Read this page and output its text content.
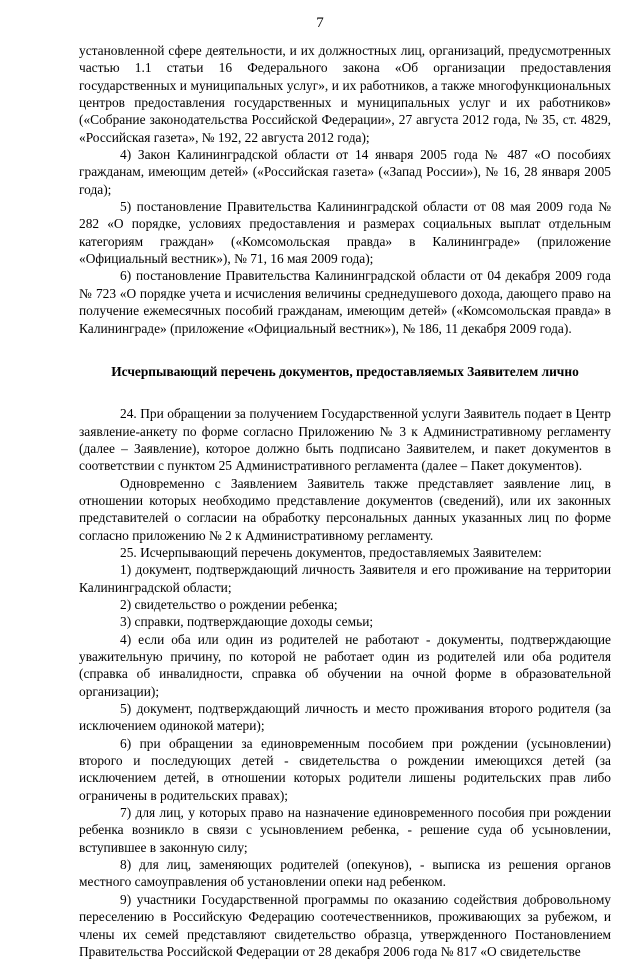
7

установленной сфере деятельности, и их должностных лиц, организаций, предусмотренных частью 1.1 статьи 16 Федерального закона «Об организации предоставления государственных и муниципальных услуг», и их работников, а также многофункциональных центров предоставления государственных и муниципальных услуг и их работников» («Собрание законодательства Российской Федерации», 27 августа 2012 года, № 35, ст. 4829, «Российская газета», № 192, 22 августа 2012 года);

4) Закон Калининградской области от 14 января 2005 года № 487 «О пособиях гражданам, имеющим детей» («Российская газета» («Запад России»), № 16, 28 января 2005 года);

5) постановление Правительства Калининградской области от 08 мая 2009 года № 282 «О порядке, условиях предоставления и размерах социальных выплат отдельным категориям граждан» («Комсомольская правда» в Калининграде» (приложение «Официальный вестник»), № 71, 16 мая 2009 года);

6) постановление Правительства Калининградской области от 04 декабря 2009 года № 723 «О порядке учета и исчисления величины среднедушевого дохода, дающего право на получение ежемесячных пособий гражданам, имеющим детей» («Комсомольская правда» в Калининграде» (приложение «Официальный вестник»), № 186, 11 декабря 2009 года).

Исчерпывающий перечень документов, предоставляемых Заявителем лично

24. При обращении за получением Государственной услуги Заявитель подает в Центр заявление-анкету по форме согласно Приложению № 3 к Административному регламенту (далее – Заявление), которое должно быть подписано Заявителем, и пакет документов в соответствии с пунктом 25 Административного регламента (далее – Пакет документов).

Одновременно с Заявлением Заявитель также представляет заявление лиц, в отношении которых необходимо представление документов (сведений), или их законных представителей о согласии на обработку персональных данных указанных лиц по форме согласно приложению № 2 к Административному регламенту.

25. Исчерпывающий перечень документов, предоставляемых Заявителем:

1) документ, подтверждающий личность Заявителя и его проживание на территории Калининградской области;

2) свидетельство о рождении ребенка;

3) справки, подтверждающие доходы семьи;

4) если оба или один из родителей не работают - документы, подтверждающие уважительную причину, по которой не работает один из родителей или оба родителя (справка об инвалидности, справка об обучении на очной форме в образовательной организации);

5) документ, подтверждающий личность и место проживания второго родителя (за исключением одинокой матери);

6) при обращении за единовременным пособием при рождении (усыновлении) второго и последующих детей - свидетельства о рождении имеющихся детей (за исключением детей, в отношении которых родители лишены родительских прав либо ограничены в родительских правах);

7) для лиц, у которых право на назначение единовременного пособия при рождении ребенка возникло в связи с усыновлением ребенка, - решение суда об усыновлении, вступившее в законную силу;

8) для лиц, заменяющих родителей (опекунов), - выписка из решения органов местного самоуправления об установлении опеки над ребенком.

9) участники Государственной программы по оказанию содействия добровольному переселению в Российскую Федерацию соотечественников, проживающих за рубежом, и члены их семей представляют свидетельство образца, утвержденного Постановлением Правительства Российской Федерации от 28 декабря 2006 года № 817 «О свидетельстве
